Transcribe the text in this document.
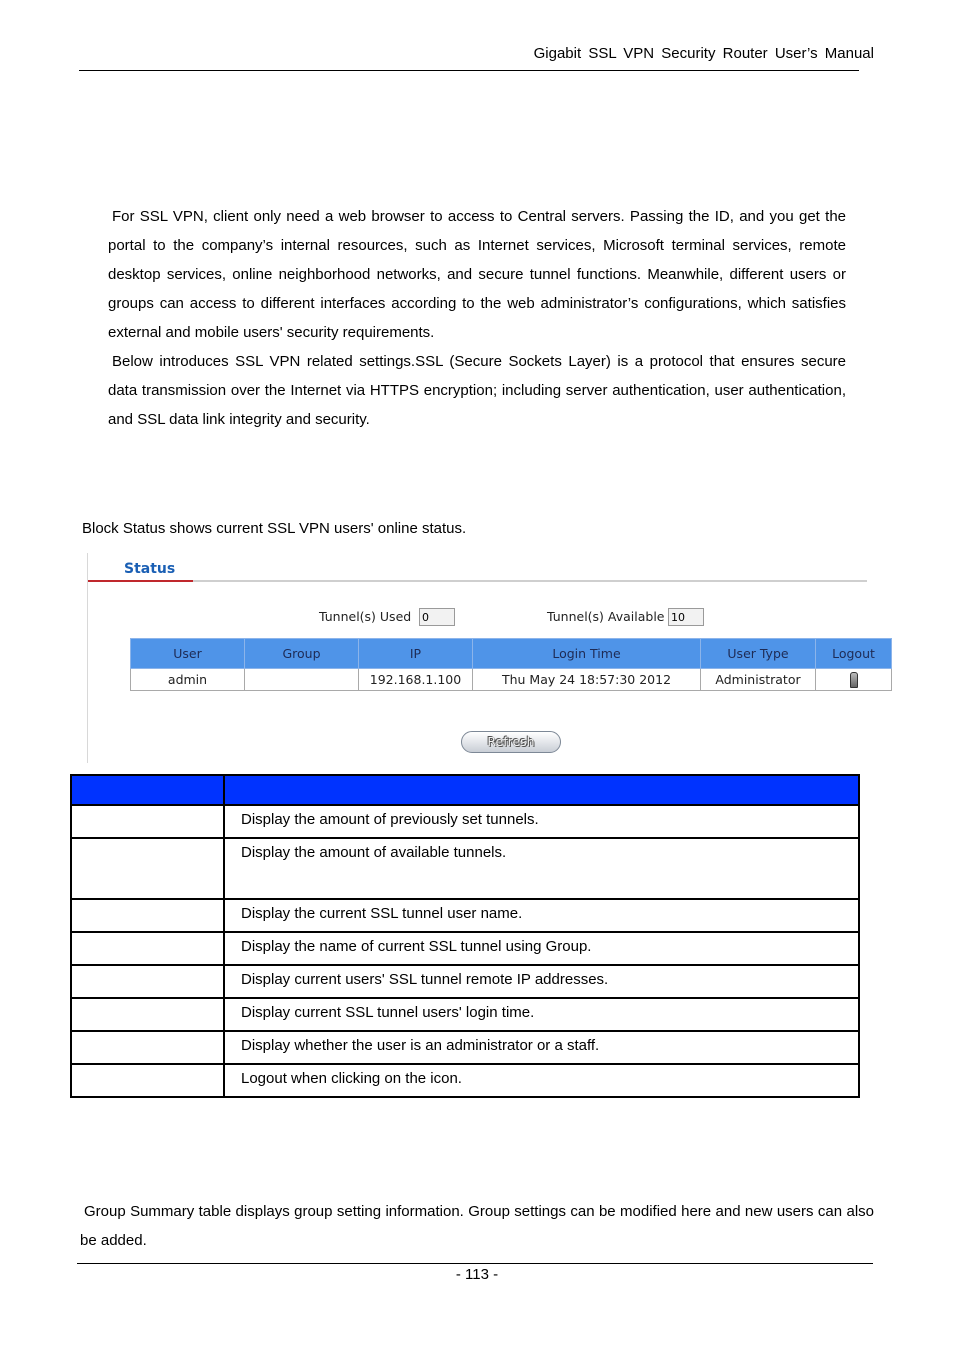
Gigabit SSL VPN Security Router User’s Manual

For SSL VPN, client only need a web browser to access to Central servers. Passing the ID, and you get the portal to the company’s internal resources, such as Internet services, Microsoft terminal services, remote desktop services, online neighborhood networks, and secure tunnel functions. Meanwhile, different users or groups can access to different interfaces according to the web administrator’s configurations, which satisfies external and mobile users' security requirements.

Below introduces SSL VPN related settings.SSL (Secure Sockets Layer) is a protocol that ensures secure data transmission over the Internet via HTTPS encryption; including server authentication, user authentication, and SSL data link integrity and security.

Block Status shows current SSL VPN users' online status.
Status
Tunnel(s) Used 0	Tunnel(s) Available 10
User	Group	IP	Login Time	User Type	Logout
admin		192.168.1.100	Thu May 24 18:57:30 2012	Administrator	
Refresh

	Display the amount of previously set tunnels.
	Display the amount of available tunnels.
	Display the current SSL tunnel user name.
	Display the name of current SSL tunnel using Group.
	Display current users' SSL tunnel remote IP addresses.
	Display current SSL tunnel users' login time.
	Display whether the user is an administrator or a staff.
	Logout when clicking on the icon.

Group Summary table displays group setting information. Group settings can be modified here and new users can also be added.

- 113 -
